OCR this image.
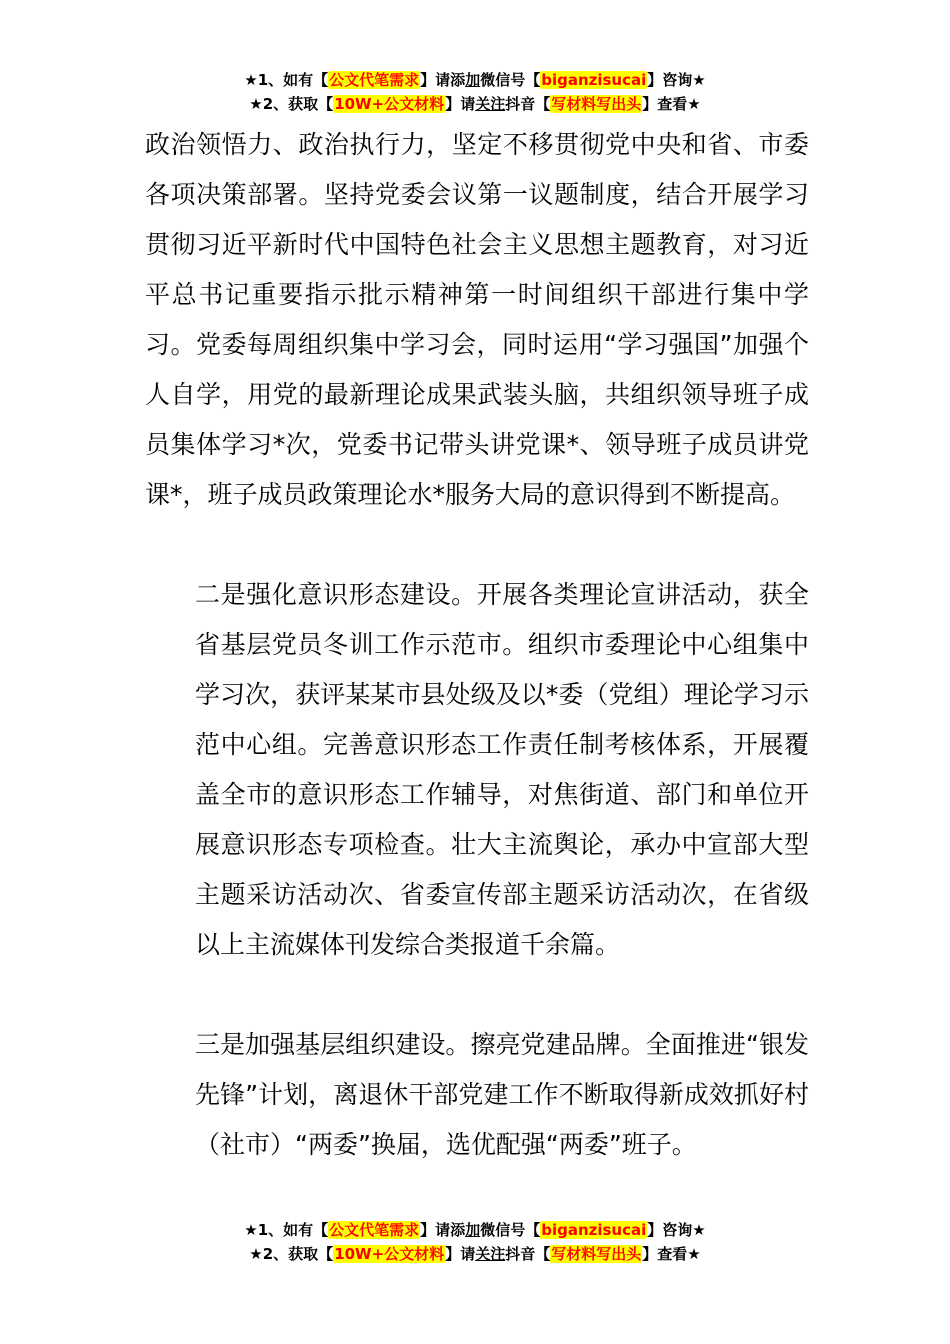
★1、如有【公文代笔需求】请添加微信号【biganzisucai】咨询★
★2、获取【10W+公文材料】请关注抖音【写材料写出头】查看★

政治领悟力、政治执行力，坚定不移贯彻党中央和省、市委各项决策部署。坚持党委会议第一议题制度，结合开展学习贯彻习近平新时代中国特色社会主义思想主题教育，对习近平总书记重要指示批示精神第一时间组织干部进行集中学习。党委每周组织集中学习会，同时运用“学习强国”加强个人自学，用党的最新理论成果武装头脑，共组织领导班子成员集体学习*次，党委书记带头讲党课*、领导班子成员讲党课*，班子成员政策理论水*服务大局的意识得到不断提高。

二是强化意识形态建设。开展各类理论宣讲活动，获全省基层党员冬训工作示范市。组织市委理论中心组集中学习次，获评某某市县处级及以*委（党组）理论学习示范中心组。完善意识形态工作责任制考核体系，开展覆盖全市的意识形态工作辅导，对焦街道、部门和单位开展意识形态专项检查。壮大主流舆论，承办中宣部大型主题采访活动次、省委宣传部主题采访活动次，在省级以上主流媒体刊发综合类报道千余篇。

三是加强基层组织建设。擦亮党建品牌。全面推进“银发先锋”计划，离退休干部党建工作不断取得新成效抓好村（社市）“两委”换届，选优配强“两委”班子。

★1、如有【公文代笔需求】请添加微信号【biganzisucai】咨询★
★2、获取【10W+公文材料】请关注抖音【写材料写出头】查看★
